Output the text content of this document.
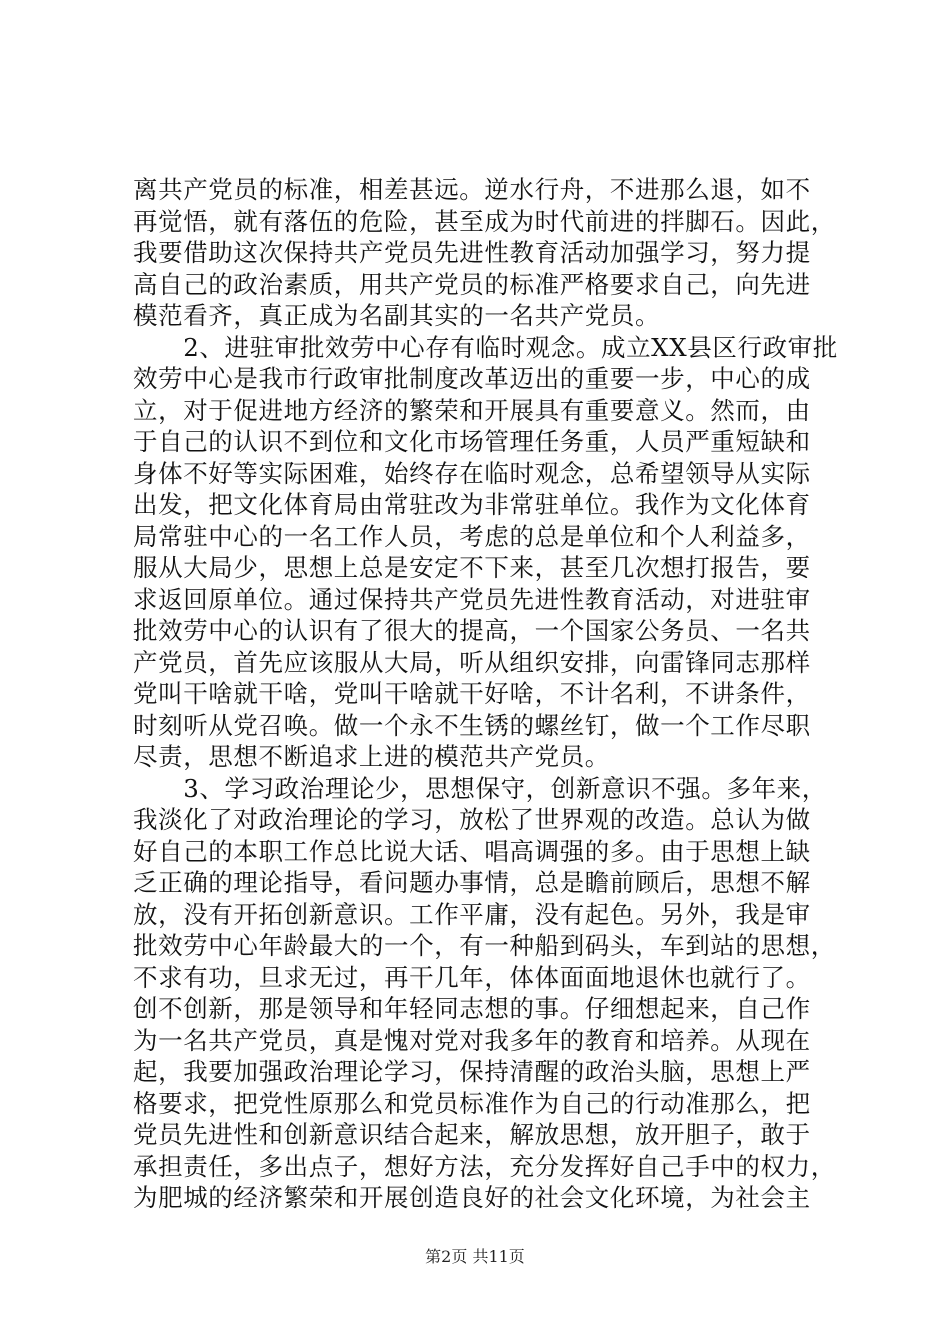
离共产党员的标准，相差甚远。逆水行舟，不进那么退，如不
再觉悟，就有落伍的危险，甚至成为时代前进的拌脚石。因此，
我要借助这次保持共产党员先进性教育活动加强学习，努力提
高自己的政治素质，用共产党员的标准严格要求自己，向先进
模范看齐，真正成为名副其实的一名共产党员。
　　2、进驻审批效劳中心存有临时观念。成立XX县区行政审批
效劳中心是我市行政审批制度改革迈出的重要一步，中心的成
立，对于促进地方经济的繁荣和开展具有重要意义。然而，由
于自己的认识不到位和文化市场管理任务重，人员严重短缺和
身体不好等实际困难，始终存在临时观念，总希望领导从实际
出发，把文化体育局由常驻改为非常驻单位。我作为文化体育
局常驻中心的一名工作人员，考虑的总是单位和个人利益多，
服从大局少，思想上总是安定不下来，甚至几次想打报告，要
求返回原单位。通过保持共产党员先进性教育活动，对进驻审
批效劳中心的认识有了很大的提高，一个国家公务员、一名共
产党员，首先应该服从大局，听从组织安排，向雷锋同志那样
党叫干啥就干啥，党叫干啥就干好啥，不计名利，不讲条件，
时刻听从党召唤。做一个永不生锈的螺丝钉，做一个工作尽职
尽责，思想不断追求上进的模范共产党员。
　　3、学习政治理论少，思想保守，创新意识不强。多年来，
我淡化了对政治理论的学习，放松了世界观的改造。总认为做
好自己的本职工作总比说大话、唱高调强的多。由于思想上缺
乏正确的理论指导，看问题办事情，总是瞻前顾后，思想不解
放，没有开拓创新意识。工作平庸，没有起色。另外，我是审
批效劳中心年龄最大的一个，有一种船到码头，车到站的思想，
不求有功，旦求无过，再干几年，体体面面地退休也就行了。
创不创新，那是领导和年轻同志想的事。仔细想起来，自己作
为一名共产党员，真是愧对党对我多年的教育和培养。从现在
起，我要加强政治理论学习，保持清醒的政治头脑，思想上严
格要求，把党性原那么和党员标准作为自己的行动准那么，把
党员先进性和创新意识结合起来，解放思想，放开胆子，敢于
承担责任，多出点子，想好方法，充分发挥好自己手中的权力，
为肥城的经济繁荣和开展创造良好的社会文化环境，为社会主
第2页 共11页
